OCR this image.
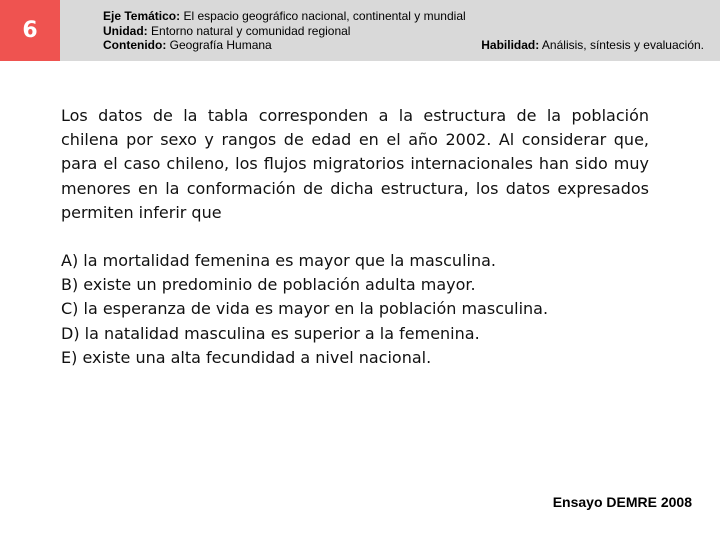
6
Eje Temático: El espacio geográfico nacional, continental y mundial
Unidad: Entorno natural y comunidad regional
Contenido: Geografía Humana	Habilidad: Análisis, síntesis y evaluación.
Los datos de la tabla corresponden a la estructura de la población chilena por sexo y rangos de edad en el año 2002. Al considerar que, para el caso chileno, los flujos migratorios internacionales han sido muy menores en la conformación de dicha estructura, los datos expresados permiten inferir que
A) la mortalidad femenina es mayor que la masculina.
B) existe un predominio de población adulta mayor.
C) la esperanza de vida es mayor en la población masculina.
D) la natalidad masculina es superior a la femenina.
E) existe una alta fecundidad a nivel nacional.
Ensayo DEMRE 2008
